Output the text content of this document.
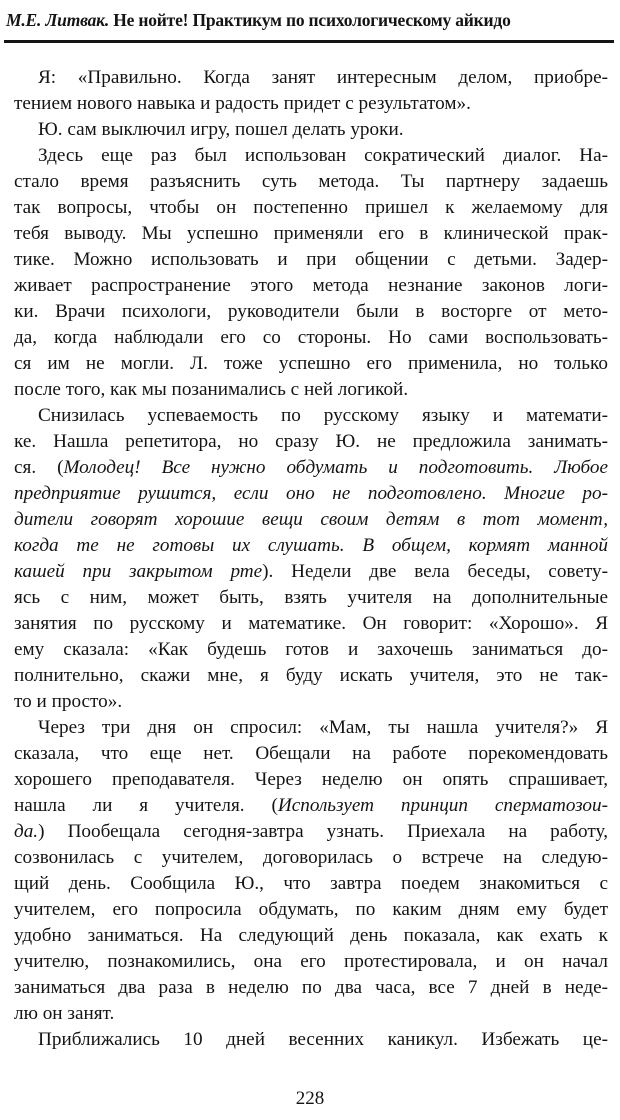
М.Е. Литвак. Не нойте! Практикум по психологическому айкидо
Я: «Правильно. Когда занят интересным делом, приобре-
тением нового навыка и радость придет с результатом».
Ю. сам выключил игру, пошел делать уроки.
Здесь еще раз был использован сократический диалог. На-
стало время разъяснить суть метода. Ты партнеру задаешь
так вопросы, чтобы он постепенно пришел к желаемому для
тебя выводу. Мы успешно применяли его в клинической прак-
тике. Можно использовать и при общении с детьми. Задер-
живает распространение этого метода незнание законов логи-
ки. Врачи психологи, руководители были в восторге от мето-
да, когда наблюдали его со стороны. Но сами воспользовать-
ся им не могли. Л. тоже успешно его применила, но только
после того, как мы позанимались с ней логикой.
Снизилась успеваемость по русскому языку и математи-
ке. Нашла репетитора, но сразу Ю. не предложила занимать-
ся. (Молодец! Все нужно обдумать и подготовить. Любое
предприятие рушится, если оно не подготовлено. Многие ро-
дители говорят хорошие вещи своим детям в тот момент,
когда те не готовы их слушать. В общем, кормят манной
кашей при закрытом рте). Недели две вела беседы, совету-
ясь с ним, может быть, взять учителя на дополнительные
занятия по русскому и математике. Он говорит: «Хорошо». Я
ему сказала: «Как будешь готов и захочешь заниматься до-
полнительно, скажи мне, я буду искать учителя, это не так-
то и просто».
Через три дня он спросил: «Мам, ты нашла учителя?» Я
сказала, что еще нет. Обещали на работе порекомендовать
хорошего преподавателя. Через неделю он опять спрашивает,
нашла ли я учителя. (Использует принцип сперматозои-
да.) Пообещала сегодня-завтра узнать. Приехала на работу,
созвонилась с учителем, договорилась о встрече на следую-
щий день. Сообщила Ю., что завтра поедем знакомиться с
учителем, его попросила обдумать, по каким дням ему будет
удобно заниматься. На следующий день показала, как ехать к
учителю, познакомились, она его протестировала, и он начал
заниматься два раза в неделю по два часа, все 7 дней в неде-
лю он занят.
Приближались 10 дней весенних каникул. Избежать це-
228
